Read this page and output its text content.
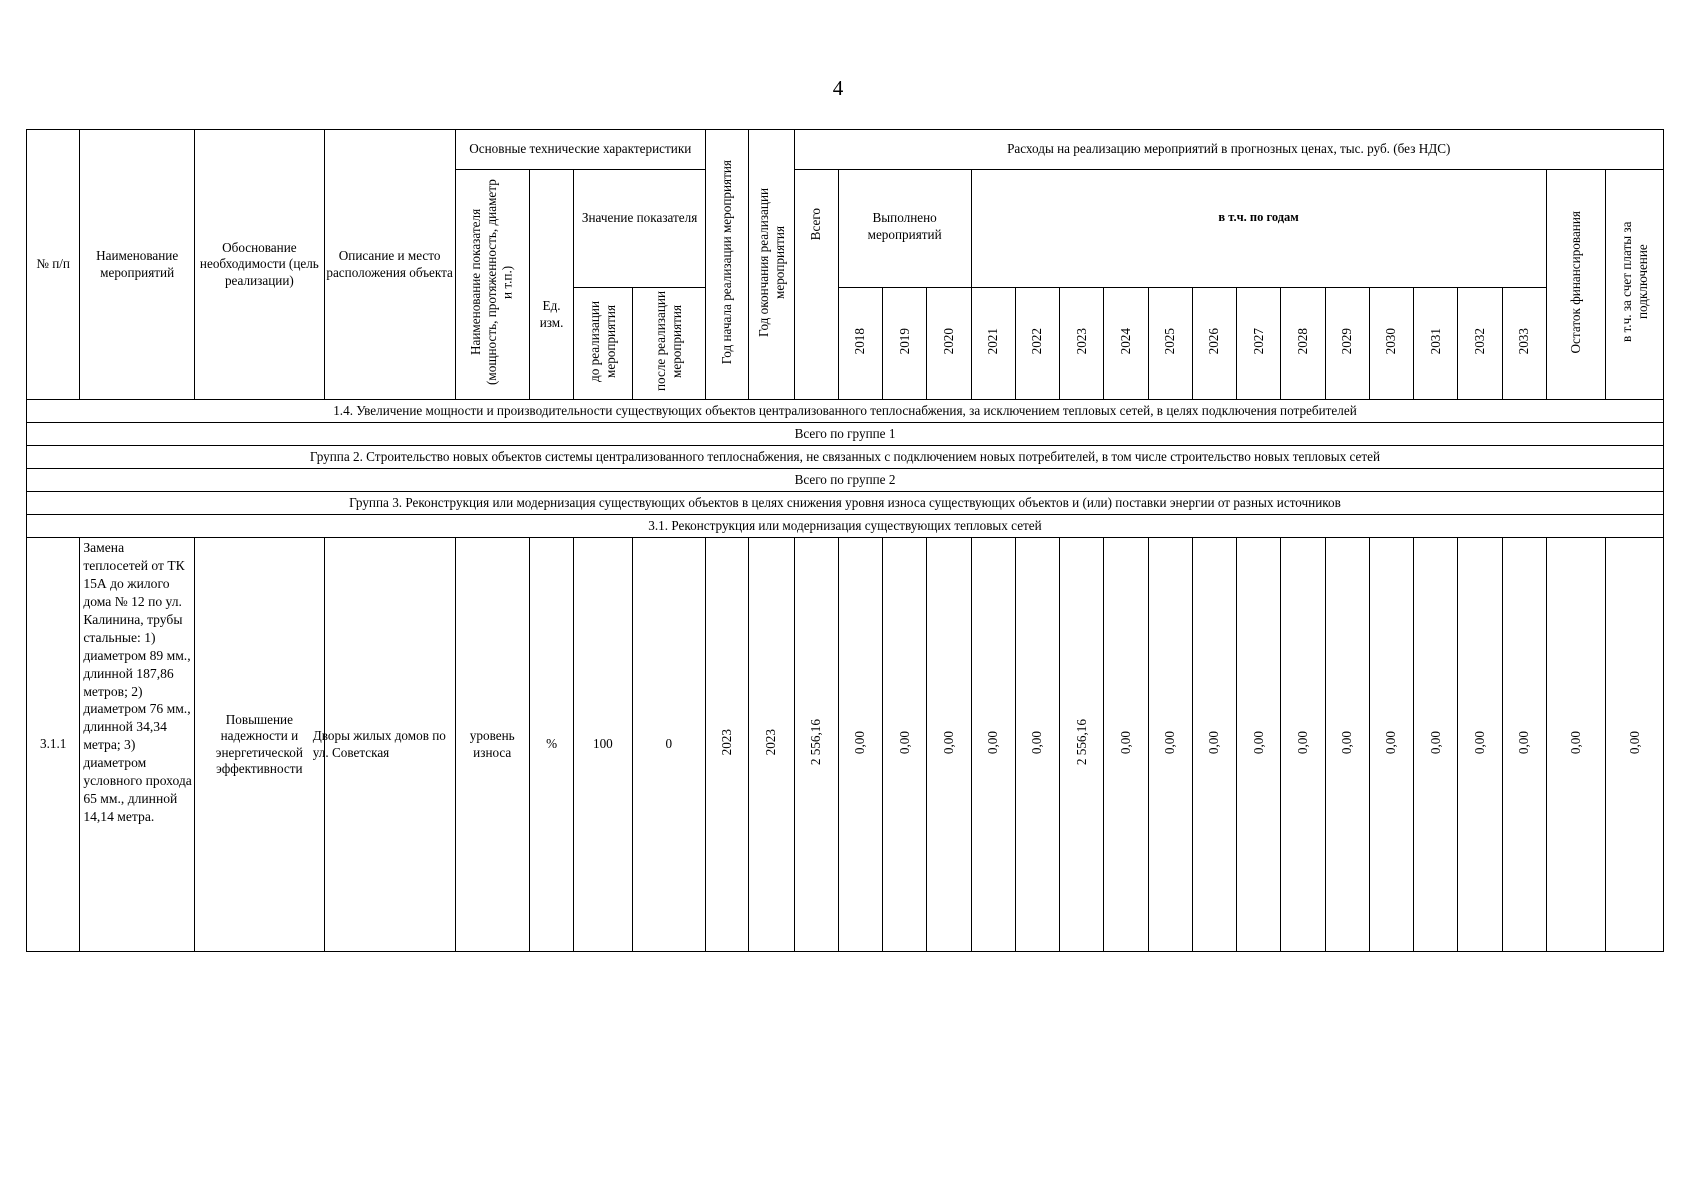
4
№ п/п	Наименование мероприятий	Обоснование необходимости (цель реализации)	Описание и место расположения объекта	Основные технические характеристики				Год начала реализации мероприятия	Год окончания реализации мероприятия	Расходы на реализацию мероприятий в прогнозных ценах, тыс. руб. (без НДС)																		
				Наименование показателя (мощность, протяженность, диаметр и т.п.)	Ед. изм.	Значение показателя				Всего	Выполнено мероприятий			в т.ч. по годам													Остаток финансирования	в т.ч. за счет платы за подключение
						до реализации мероприятия	после реализации мероприятия				2018	2019	2020	2021	2022	2023	2024	2025	2026	2027	2028	2029	2030	2031	2032	2033		
1.4. Увеличение мощности и производительности существующих объектов централизованного теплоснабжения, за исключением тепловых сетей, в целях подключения потребителей																												
Всего по группе 1																												
Группа 2. Строительство новых объектов системы централизованного теплоснабжения, не связанных с подключением новых потребителей, в том числе строительство новых тепловых сетей																												
Всего по группе 2																												
Группа 3. Реконструкция или модернизация существующих объектов в целях снижения уровня износа существующих объектов и (или) поставки энергии от разных источников																												
3.1. Реконструкция или модернизация существующих тепловых сетей																												
3.1.1	Замена теплосетей от ТК 15А до жилого дома № 12 по ул. Калинина, трубы стальные: 1) диаметром 89 мм., длинной 187,86 метров; 2) диаметром 76 мм., длинной 34,34 метра; 3) диаметром условного прохода 65 мм., длинной 14,14 метра.	Повышение надежности и энергетической эффективности	Дворы жилых домов по ул. Советская	уровень износа	%	100	0	2023	2023	2 556,16	0,00	0,00	0,00	0,00	0,00	2 556,16	0,00	0,00	0,00	0,00	0,00	0,00	0,00	0,00	0,00	0,00	0,00	0,00
